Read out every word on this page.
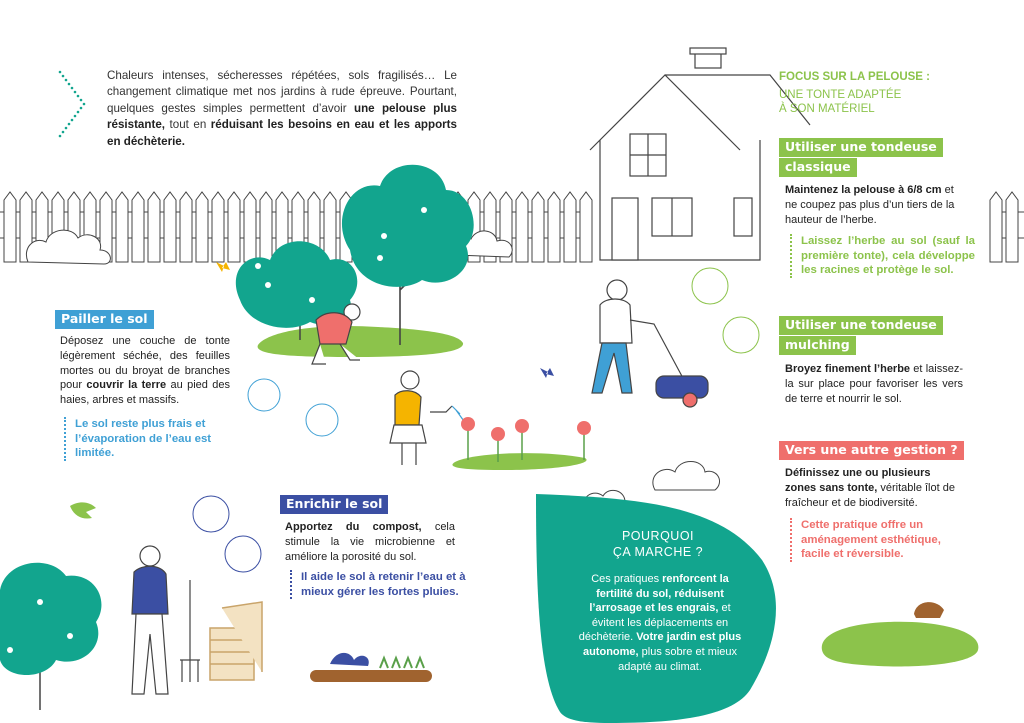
Chaleurs intenses, sécheresses répétées, sols fragilisés… Le changement climatique met nos jardins à rude épreuve. Pourtant, quelques gestes simples permettent d’avoir une pelouse plus résistante, tout en réduisant les besoins en eau et les apports en déchèterie.
FOCUS SUR LA PELOUSE :
UNE TONTE ADAPTÉE
À SON MATÉRIEL
Utiliser une tondeuse
classique
Maintenez la pelouse à 6/8 cm et ne coupez pas plus d’un tiers de la hauteur de l’herbe.
Laissez l’herbe au sol (sauf la première tonte), cela développe les racines et protège le sol.
Utiliser une tondeuse
mulching
Broyez finement l’herbe et laissez-la sur place pour favoriser les vers de terre et nourrir le sol.
Vers une autre gestion ?
Définissez une ou plusieurs zones sans tonte, véritable îlot de fraîcheur et de biodiversité.
Cette pratique offre un aménagement esthétique, facile et réversible.
Pailler le sol
Déposez une couche de tonte légèrement séchée, des feuilles mortes ou du broyat de branches pour couvrir la terre au pied des haies, arbres et massifs.
Le sol reste plus frais et l’évaporation de l’eau est limitée.
Enrichir le sol
Apportez du compost, cela stimule la vie microbienne et améliore la porosité du sol.
Il aide le sol à retenir l’eau et à mieux gérer les fortes pluies.
POURQUOI
ÇA MARCHE ?
Ces pratiques renforcent la fertilité du sol, réduisent l’arrosage et les engrais, et évitent les déplacements en déchèterie. Votre jardin est plus autonome, plus sobre et mieux adapté au climat.
